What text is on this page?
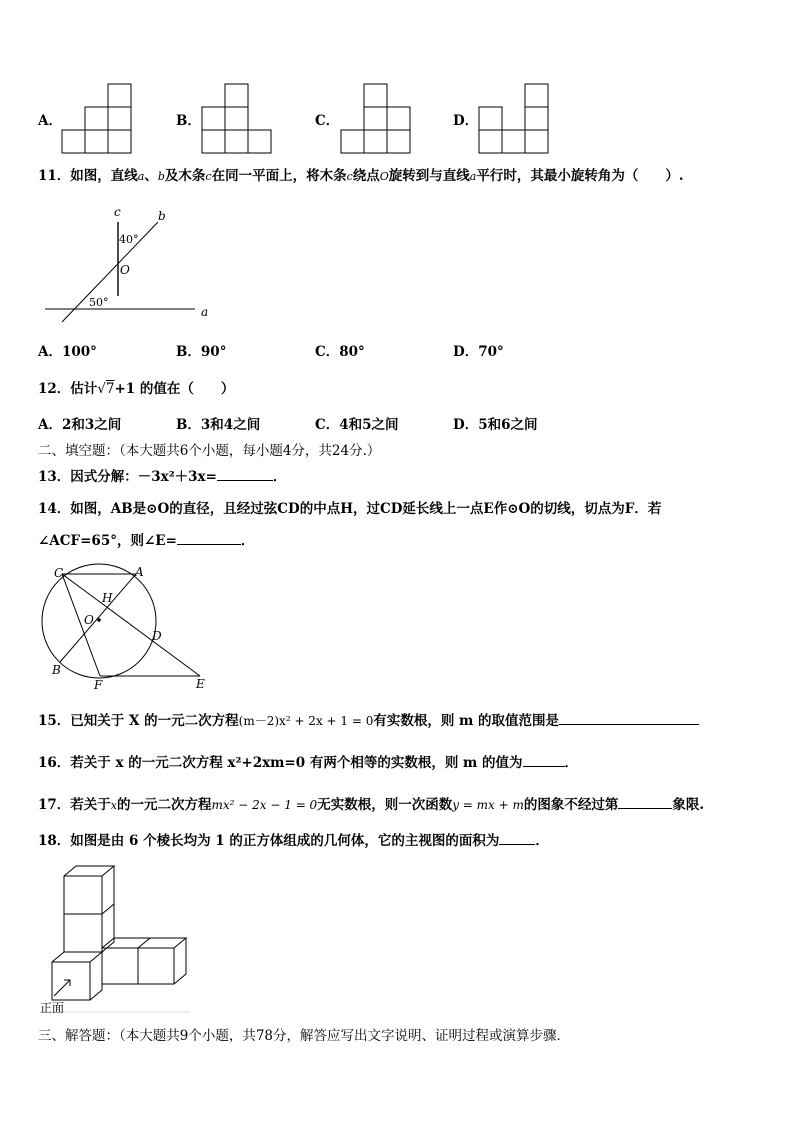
A．	B．	C．	D．
11．如图，直线a、b及木条c在同一平面上，将木条c绕点O旋转到与直线a平行时，其最小旋转角为（　　）.
c	b
a
O
40°
50°
A．100°	B．90°	C．80°	D．70°
12．估计√7+1 的值在（　　）
A．2和3之间	B．3和4之间	C．4和5之间	D．5和6之间
二、填空题：（本大题共6个小题，每小题4分，共24分.）
13．因式分解：－3x²＋3x=	．
14．如图，AB是⊙O的直径，且经过弦CD的中点H，过CD延长线上一点E作⊙O的切线，切点为F．若
∠ACF=65°，则∠E=	．
C	A
H
O
D
B
F	E
15．已知关于 X 的一元二次方程(m－2)x² + 2x + 1 = 0有实数根，则 m 的取值范围是
16．若关于 x 的一元二次方程 x²+2xm=0 有两个相等的实数根，则 m 的值为	．
17．若关于x的一元二次方程mx² − 2x − 1 = 0无实数根，则一次函数y = mx + m的图象不经过第	象限.
18．如图是由 6 个棱长均为 1 的正方体组成的几何体，它的主视图的面积为	．
正面
三、解答题：（本大题共9个小题，共78分，解答应写出文字说明、证明过程或演算步骤．
